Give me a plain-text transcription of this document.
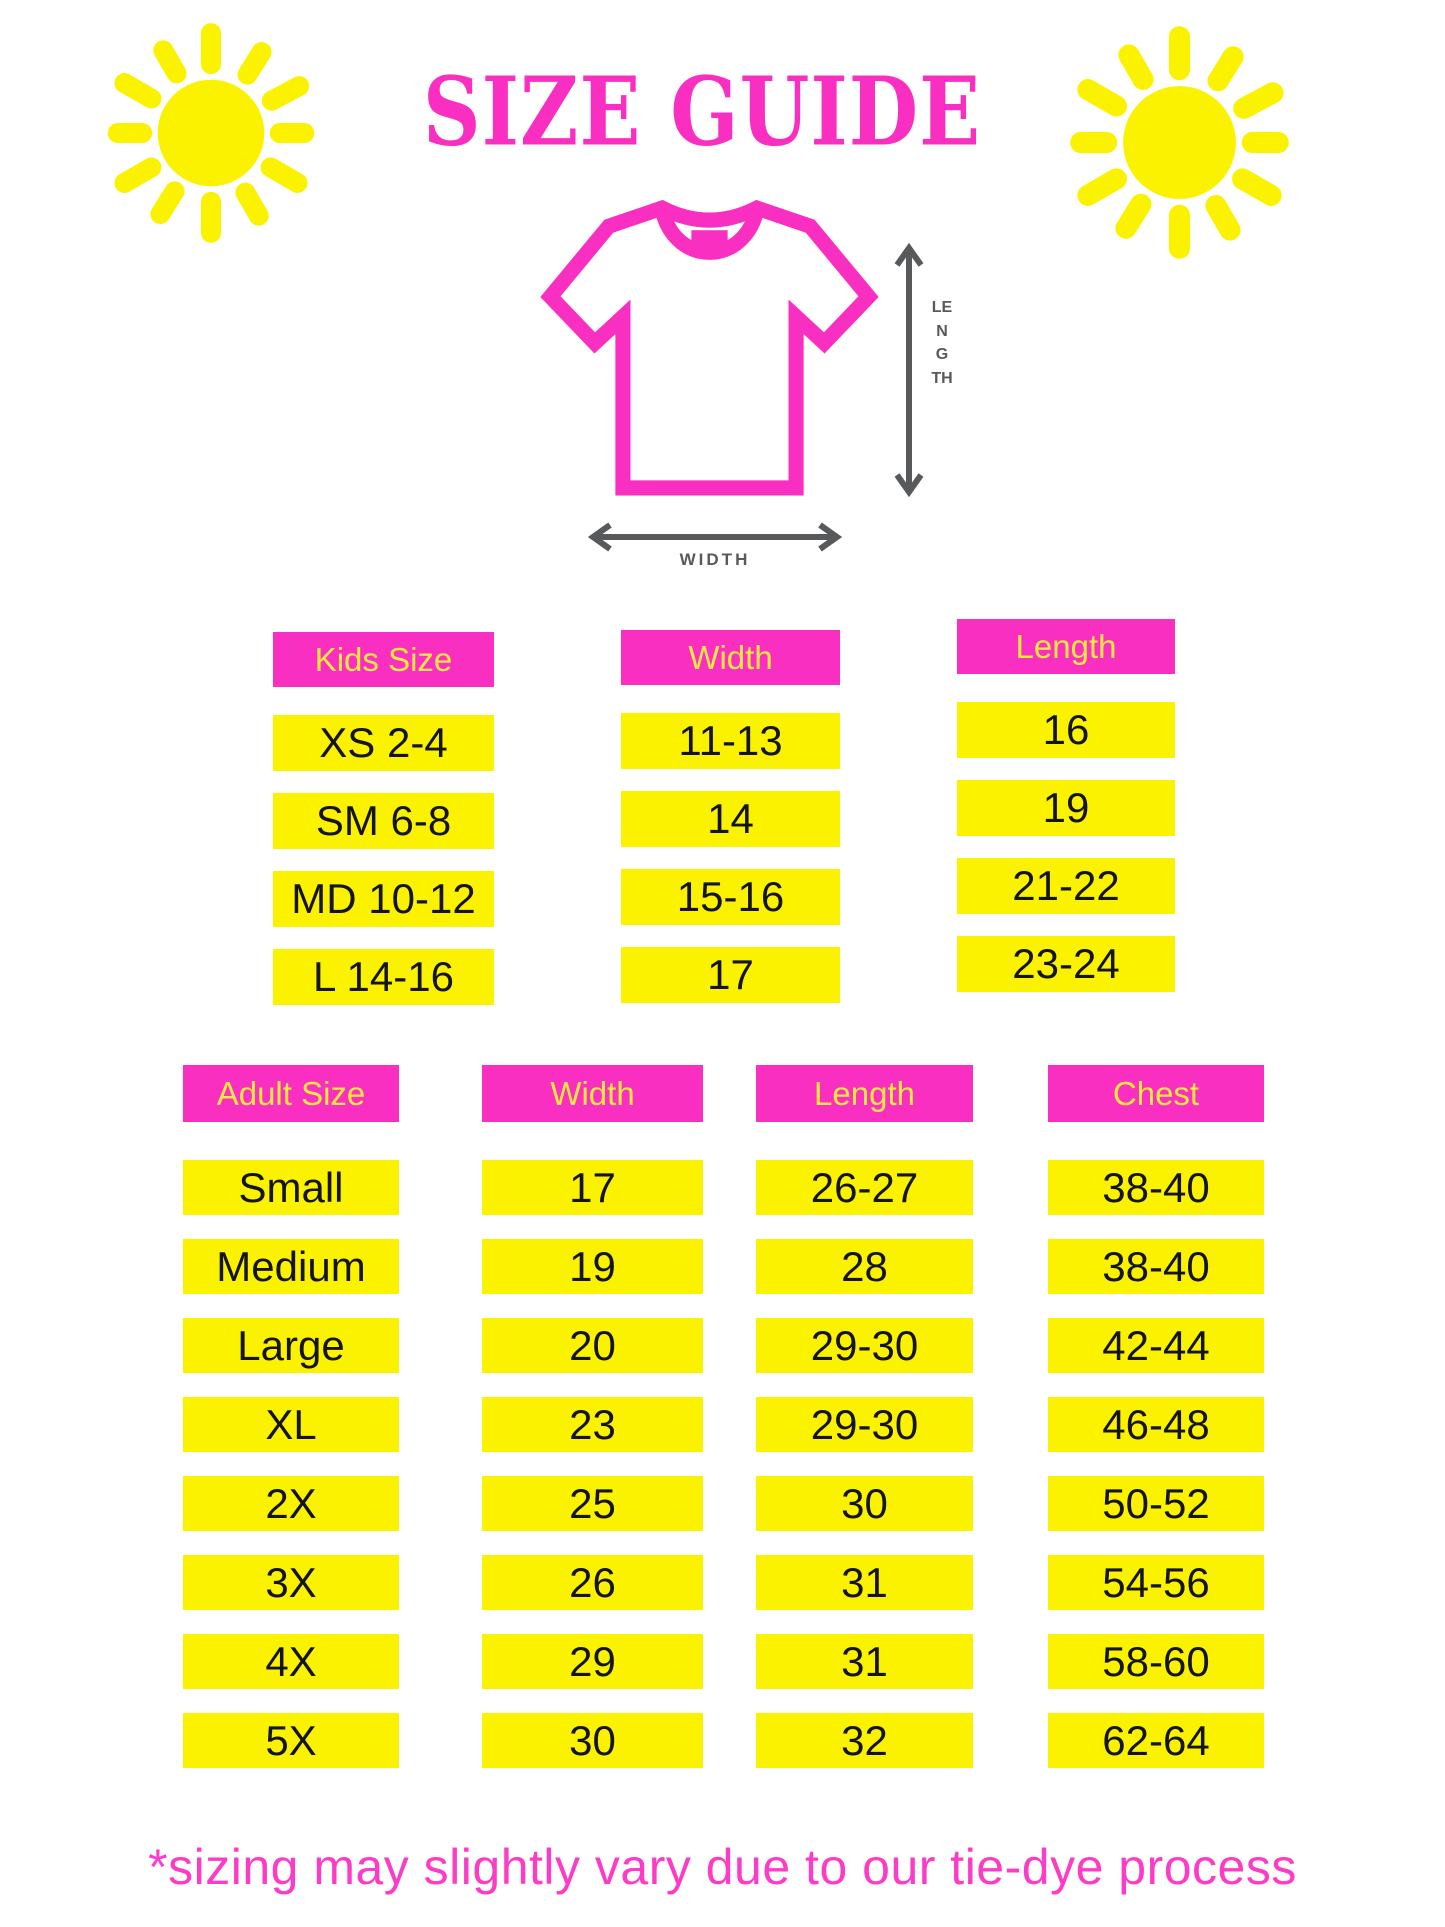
SIZE GUIDE
LENGTH
WIDTH
Kids Size
XS 2-4
SM 6-8
MD 10-12
L 14-16
Width
11-13
14
15-16
17
Length
16
19
21-22
23-24
Adult Size
Small
Medium
Large
XL
2X
3X
4X
5X
Width
17
19
20
23
25
26
29
30
Length
26-27
28
29-30
29-30
30
31
31
32
Chest
38-40
38-40
42-44
46-48
50-52
54-56
58-60
62-64
*sizing may slightly vary due to our tie-dye process
